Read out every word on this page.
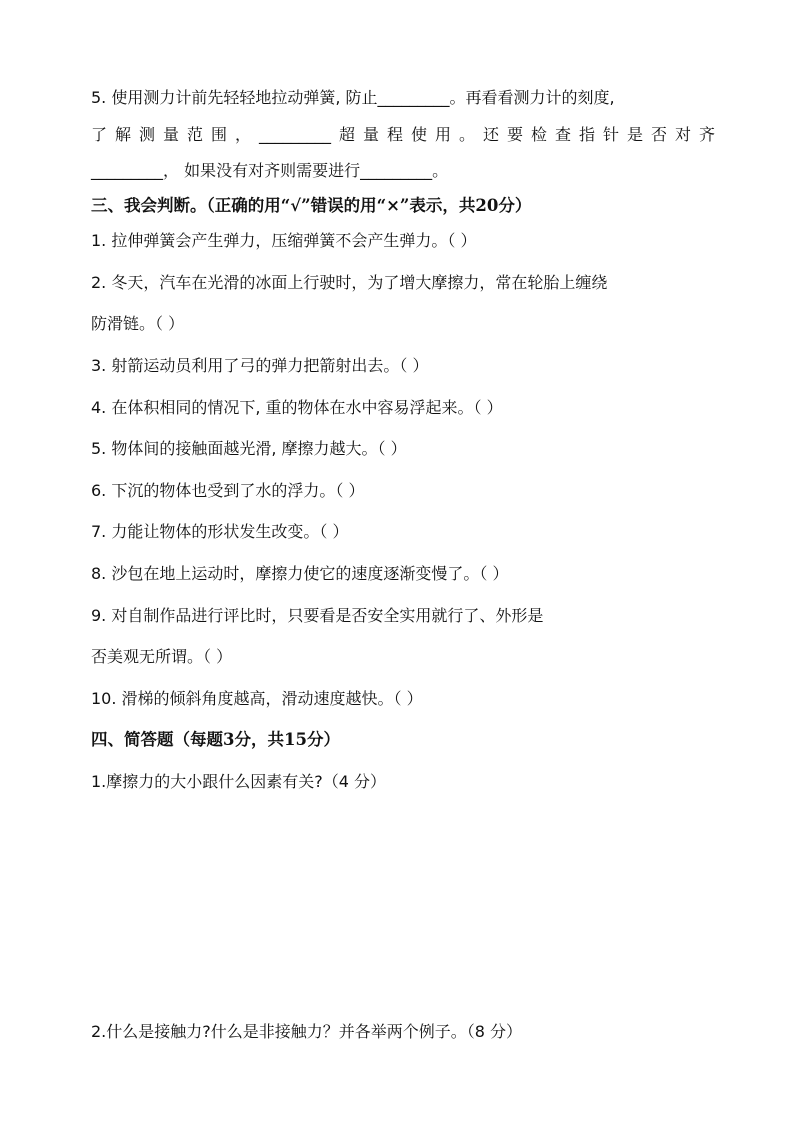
5. 使用测力计前先轻轻地拉动弹簧, 防止_________。再看看测力计的刻度,
了 解 测 量 范 围 ， _________ 超 量 程 使 用 。 还 要 检 查 指 针 是 否 对 齐
_________， 如果没有对齐则需要进行_________。
三、我会判断。（正确的用“√”错误的用“×”表示，共20分）
1. 拉伸弹簧会产生弹力，压缩弹簧不会产生弹力。（ ）
2. 冬天，汽车在光滑的冰面上行驶时，为了增大摩擦力，常在轮胎上缠绕
防滑链。（ ）
3. 射箭运动员利用了弓的弹力把箭射出去。（ ）
4. 在体积相同的情况下, 重的物体在水中容易浮起来。（ ）
5. 物体间的接触面越光滑, 摩擦力越大。（ ）
6. 下沉的物体也受到了水的浮力。（ ）
7. 力能让物体的形状发生改变。（ ）
8. 沙包在地上运动时，摩擦力使它的速度逐渐变慢了。（ ）
9. 对自制作品进行评比时，只要看是否安全实用就行了、外形是
否美观无所谓。（ ）
10. 滑梯的倾斜角度越高，滑动速度越快。（ ）
四、简答题（每题3分，共15分）
1.摩擦力的大小跟什么因素有关?（4 分）
2.什么是接触力?什么是非接触力？并各举两个例子。（8 分）
